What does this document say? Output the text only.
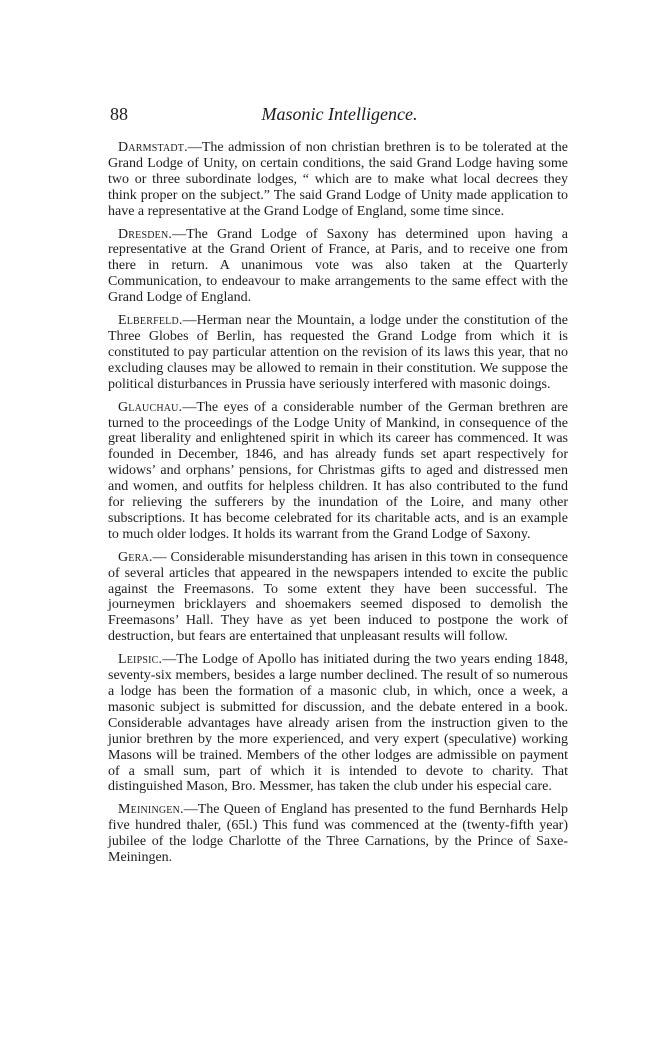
88	Masonic Intelligence.

Darmstadt.—The admission of non christian brethren is to be tolerated at the Grand Lodge of Unity, on certain conditions, the said Grand Lodge having some two or three subordinate lodges, “ which are to make what local decrees they think proper on the subject.” The said Grand Lodge of Unity made application to have a representative at the Grand Lodge of England, some time since.

Dresden.—The Grand Lodge of Saxony has determined upon having a representative at the Grand Orient of France, at Paris, and to receive one from there in return. A unanimous vote was also taken at the Quarterly Communication, to endeavour to make arrangements to the same effect with the Grand Lodge of England.

Elberfeld.—Herman near the Mountain, a lodge under the constitution of the Three Globes of Berlin, has requested the Grand Lodge from which it is constituted to pay particular attention on the revision of its laws this year, that no excluding clauses may be allowed to remain in their constitution. We suppose the political disturbances in Prussia have seriously interfered with masonic doings.

Glauchau.—The eyes of a considerable number of the German brethren are turned to the proceedings of the Lodge Unity of Mankind, in consequence of the great liberality and enlightened spirit in which its career has commenced. It was founded in December, 1846, and has already funds set apart respectively for widows’ and orphans’ pensions, for Christmas gifts to aged and distressed men and women, and outfits for helpless children. It has also contributed to the fund for relieving the sufferers by the inundation of the Loire, and many other subscriptions. It has become celebrated for its charitable acts, and is an example to much older lodges. It holds its warrant from the Grand Lodge of Saxony.

Gera.— Considerable misunderstanding has arisen in this town in consequence of several articles that appeared in the newspapers intended to excite the public against the Freemasons. To some extent they have been successful. The journeymen bricklayers and shoemakers seemed disposed to demolish the Freemasons’ Hall. They have as yet been induced to postpone the work of destruction, but fears are entertained that unpleasant results will follow.

Leipsic.—The Lodge of Apollo has initiated during the two years ending 1848, seventy-six members, besides a large number declined. The result of so numerous a lodge has been the formation of a masonic club, in which, once a week, a masonic subject is submitted for discussion, and the debate entered in a book. Considerable advantages have already arisen from the instruction given to the junior brethren by the more experienced, and very expert (speculative) working Masons will be trained. Members of the other lodges are admissible on payment of a small sum, part of which it is intended to devote to charity. That distinguished Mason, Bro. Messmer, has taken the club under his especial care.

Meiningen.—The Queen of England has presented to the fund Bernhards Help five hundred thaler, (65l.) This fund was commenced at the (twenty-fifth year) jubilee of the lodge Charlotte of the Three Carnations, by the Prince of Saxe-Meiningen.
